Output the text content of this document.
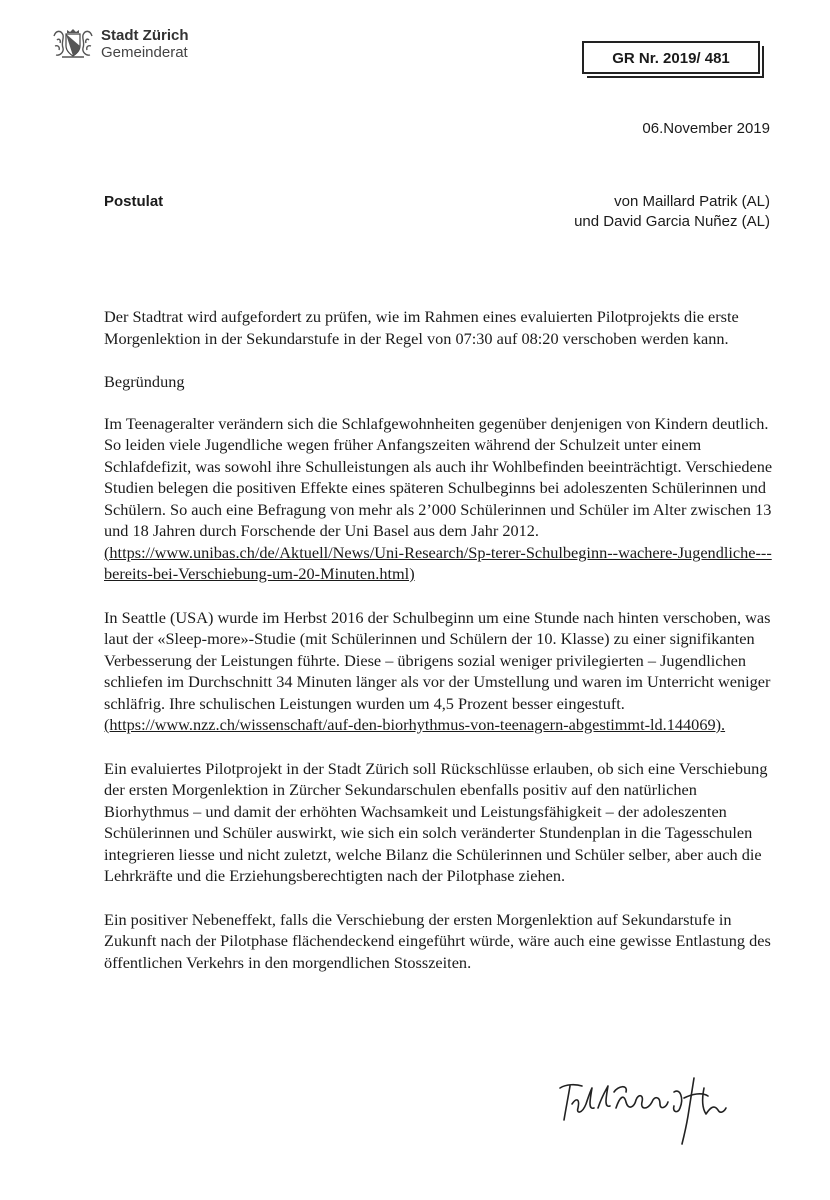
Stadt Zürich
Gemeinderat	GR Nr. 2019/ 481
06.November 2019
Postulat	von Maillard Patrik (AL)
und David Garcia Nuñez (AL)

Der Stadtrat wird aufgefordert zu prüfen, wie im Rahmen eines evaluierten Pilotprojekts die erste Morgenlektion in der Sekundarstufe in der Regel von 07:30 auf 08:20 verschoben werden kann.

Begründung

Im Teenageralter verändern sich die Schlafgewohnheiten gegenüber denjenigen von Kindern deutlich. So leiden viele Jugendliche wegen früher Anfangszeiten während der Schulzeit unter einem Schlafdefizit, was sowohl ihre Schulleistungen als auch ihr Wohlbefinden beeinträchtigt. Verschiedene Studien belegen die positiven Effekte eines späteren Schulbeginns bei adoleszenten Schülerinnen und Schülern. So auch eine Befragung von mehr als 2’000 Schülerinnen und Schüler im Alter zwischen 13 und 18 Jahren durch Forschende der Uni Basel aus dem Jahr 2012. (https://www.unibas.ch/de/Aktuell/News/Uni-Research/Sp-terer-Schulbeginn--wachere-Jugendliche---bereits-bei-Verschiebung-um-20-Minuten.html)

In Seattle (USA) wurde im Herbst 2016 der Schulbeginn um eine Stunde nach hinten verschoben, was laut der «Sleep-more»-Studie (mit Schülerinnen und Schülern der 10. Klasse) zu einer signifikanten Verbesserung der Leistungen führte. Diese – übrigens sozial weniger privilegierten – Jugendlichen schliefen im Durchschnitt 34 Minuten länger als vor der Umstellung und waren im Unterricht weniger schläfrig. Ihre schulischen Leistungen wurden um 4,5 Prozent besser eingestuft. (https://www.nzz.ch/wissenschaft/auf-den-biorhythmus-von-teenagern-abgestimmt-ld.144069).

Ein evaluiertes Pilotprojekt in der Stadt Zürich soll Rückschlüsse erlauben, ob sich eine Verschiebung der ersten Morgenlektion in Zürcher Sekundarschulen ebenfalls positiv auf den natürlichen Biorhythmus – und damit der erhöhten Wachsamkeit und Leistungsfähigkeit – der adoleszenten Schülerinnen und Schüler auswirkt, wie sich ein solch veränderter Stundenplan in die Tagesschulen integrieren liesse und nicht zuletzt, welche Bilanz die Schülerinnen und Schüler selber, aber auch die Lehrkräfte und die Erziehungsberechtigten nach der Pilotphase ziehen.

Ein positiver Nebeneffekt, falls die Verschiebung der ersten Morgenlektion auf Sekundarstufe in Zukunft nach der Pilotphase flächendeckend eingeführt würde, wäre auch eine gewisse Entlastung des öffentlichen Verkehrs in den morgendlichen Stosszeiten.
